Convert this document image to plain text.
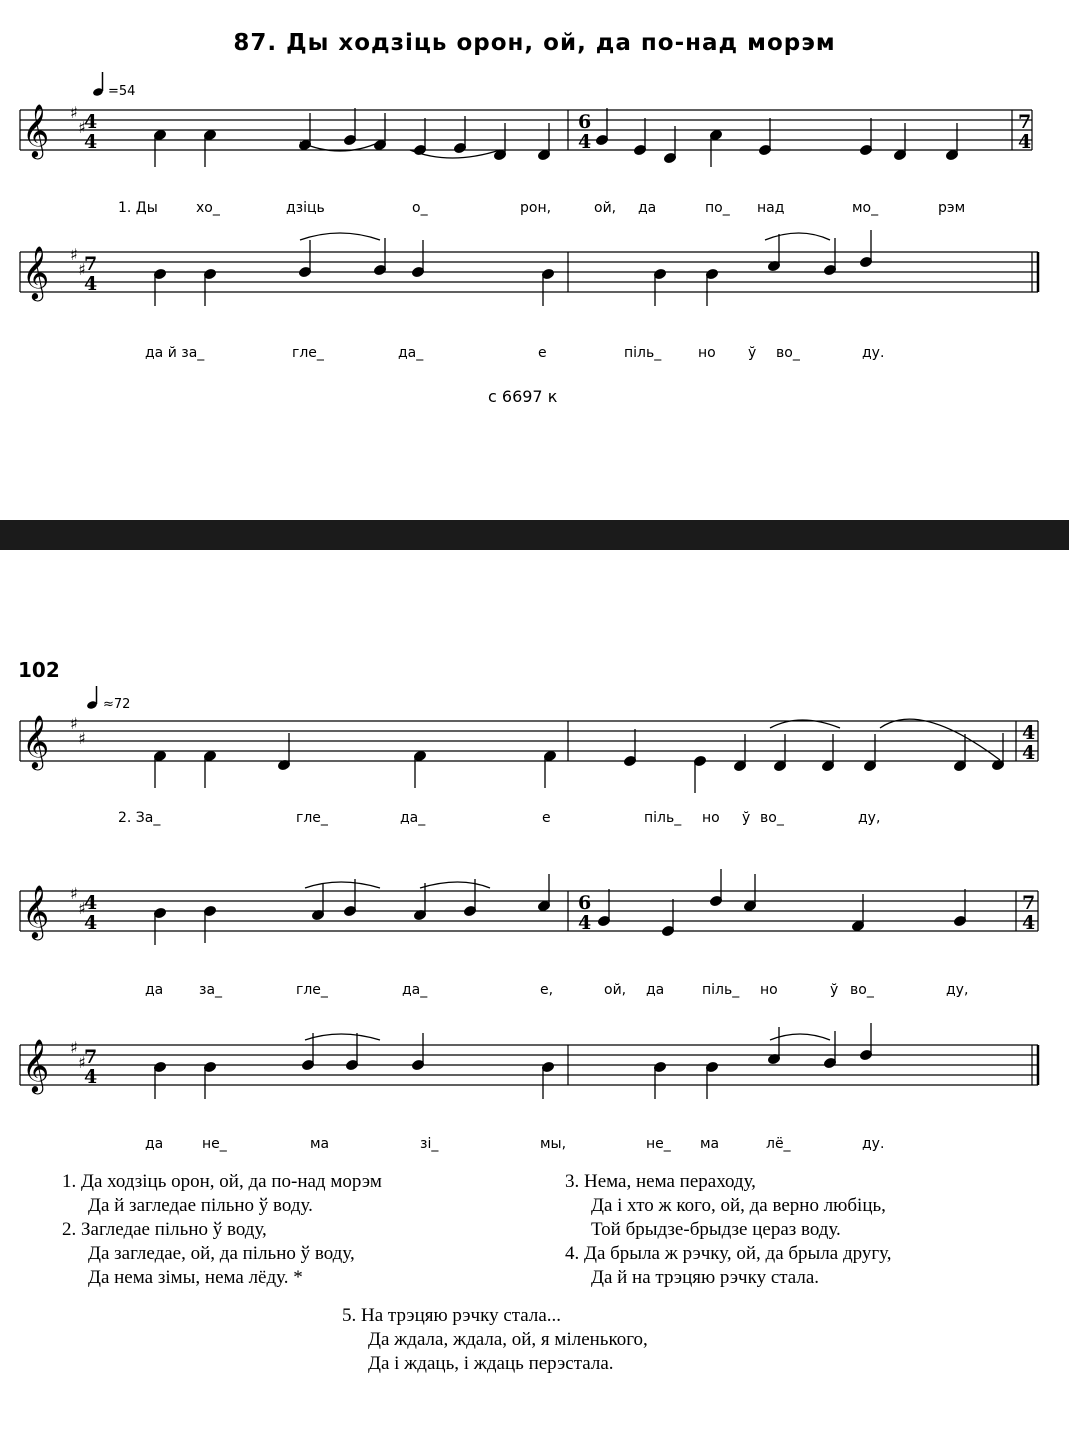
87. Ды ходзіць орон, ой, да по-над морэм
𝄞 ♯
♯
4
4
6
4
7
4
𝄞 ♯
♯
7
4
𝄞 ♯
♯	4
4
𝄞 ♯
♯
4
4
6
4
7
4
𝄞 ♯
♯
7
4
=54
≈72
1. Ды	хо_	дзіць	о_	рон,	ой, да	по_ над	мо_	рэм
да й за_	гле_	да_	е	піль_	но ў во_	ду.
с 6697 к
102
2. За_	гле_	да_	е	піль_ но ў во_	ду,
да	за_	гле_	да_	е,	ой, да	піль_ но	ў во_	ду,
да	не_	ма	зі_	мы,	не_ ма	лё_	ду.
1. Да ходзіць орон, ой, да по-над морэм
Да й загледае пільно ў воду.
2. Загледае пільно ў воду,
Да загледае, ой, да пільно ў воду,
Да нема зімы, нема лёду. *
3. Нема, нема пераходу,
Да і хто ж кого, ой, да верно любіць,
Той брыдзе-брыдзе цераз воду.
4. Да брыла ж рэчку, ой, да брыла другу,
Да й на трэцяю рэчку стала.
5. На трэцяю рэчку стала...
Да ждала, ждала, ой, я міленького,
Да і ждаць, і ждаць перэстала.
